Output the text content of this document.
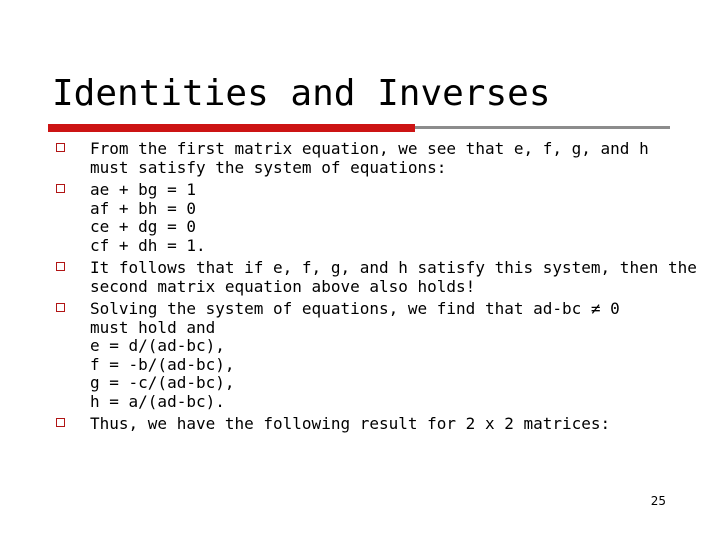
Identities and Inverses
From the first matrix equation, we see that e, f, g, and h
must satisfy the system of equations:
ae + bg = 1
af + bh = 0
ce + dg = 0
cf + dh = 1.
It follows that if e, f, g, and h satisfy this system, then the
second matrix equation above also holds!
Solving the system of equations, we find that ad-bc ≠ 0
must hold and
e = d/(ad-bc),
f = -b/(ad-bc),
g = -c/(ad-bc),
h = a/(ad-bc).
Thus, we have the following result for 2 x 2 matrices:
25
